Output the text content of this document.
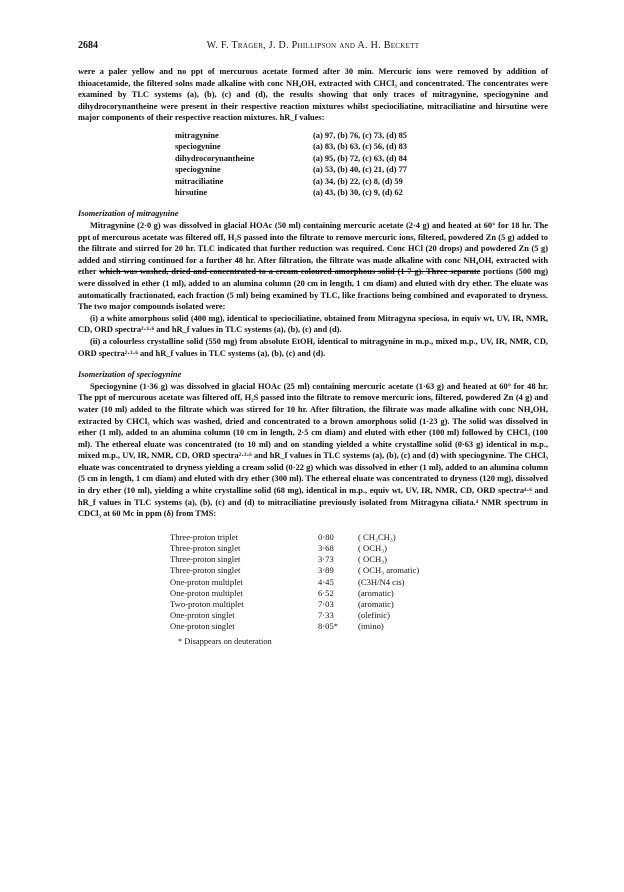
2684	W. F. Trager, J. D. Phillipson and A. H. Beckett

were a paler yellow and no ppt of mercurous acetate formed after 30 min. Mercuric ions were removed by addition of thioacetamide, the filtered solns made alkaline with conc NH₄OH, extracted with CHCl₃ and concentrated. The concentrates were examined by TLC systems (a), (b), (c) and (d), the results showing that only traces of mitragynine, speciogynine and dihydrocorynantheine were present in their respective reaction mixtures whilst speciociliatine, mitraciliatine and hirsutine were major components of their respective reaction mixtures. hR_f values:

mitragynine	(a) 97, (b) 76, (c) 73, (d) 85
speciogynine	(a) 83, (b) 63, (c) 56, (d) 83
dihydrocorynantheine	(a) 95, (b) 72, (c) 63, (d) 84
speciogynine	(a) 53, (b) 40, (c) 21, (d) 77
mitraciliatine	(a) 34, (b) 22, (c) 8, (d) 59
hirsutine	(a) 43, (b) 30, (c) 9, (d) 62
Isomerization of mitragynine

Mitragynine (2·0 g) was dissolved in glacial HOAc (50 ml) containing mercuric acetate (2·4 g) and heated at 60° for 18 hr. The ppt of mercurous acetate was filtered off, H₂S passed into the filtrate to remove mercuric ions, filtered, powdered Zn (5 g) added to the filtrate and stirred for 20 hr. TLC indicated that further reduction was required. Conc HCl (20 drops) and powdered Zn (5 g) added and stirring continued for a further 48 hr. After filtration, the filtrate was made alkaline with conc NH₄OH, extracted with ether which was washed, dried and concentrated to a cream coloured amorphous solid (1·7 g). Three separate portions (500 mg) were dissolved in ether (1 ml), added to an alumina column (20 cm in length, 1 cm diam) and eluted with dry ether. The eluate was automatically fractionated, each fraction (5 ml) being examined by TLC, like fractions being combined and evaporated to dryness. The two major compounds isolated were:

(i) a white amorphous solid (400 mg), identical to speciociliatine, obtained from Mitragyna speciosa, in equiv wt, UV, IR, NMR, CD, ORD spectra²·³·⁶ and hR_f values in TLC systems (a), (b), (c) and (d).

(ii) a colourless crystalline solid (550 mg) from absolute EtOH, identical to mitragynine in m.p., mixed m.p., UV, IR, NMR, CD, ORD spectra²·³·⁶ and hR_f values in TLC systems (a), (b), (c) and (d).

Isomerization of speciogynine

Speciogynine (1·36 g) was dissolved in glacial HOAc (25 ml) containing mercuric acetate (1·63 g) and heated at 60° for 48 hr. The ppt of mercurous acetate was filtered off, H₂S passed into the filtrate to remove mercuric ions, filtered, powdered Zn (4 g) and water (10 ml) added to the filtrate which was stirred for 10 hr. After filtration, the filtrate was made alkaline with conc NH₄OH, extracted by CHCl₃ which was washed, dried and concentrated to a brown amorphous solid (1·23 g). The solid was dissolved in ether (1 ml), added to an alumina column (10 cm in length, 2·5 cm diam) and eluted with ether (100 ml) followed by CHCl₃ (100 ml). The ethereal eluate was concentrated (to 10 ml) and on standing yielded a white crystalline solid (0·63 g) identical in m.p., mixed m.p., UV, IR, NMR, CD, ORD spectra²·³·⁶ and hR_f values in TLC systems (a), (b), (c) and (d) with speciogynine. The CHCl₃ eluate was concentrated to dryness yielding a cream solid (0·22 g) which was dissolved in ether (1 ml), added to an alumina column (5 cm in length, 1 cm diam) and eluted with dry ether (300 ml). The ethereal eluate was concentrated to dryness (120 mg), dissolved in dry ether (10 ml), yielding a white crystalline solid (68 mg), identical in m.p., equiv wt, UV, IR, NMR, CD, ORD spectra⁴·⁶ and hR_f values in TLC systems (a), (b), (c) and (d) to mitraciliatine previously isolated from Mitragyna ciliata.⁴ NMR spectrum in CDCl₃ at 60 Mc in ppm (δ) from TMS:

Three-proton triplet	0·80	( CH₂CH₃)
Three-proton singlet	3·68	( OCH₃)
Three-proton singlet	3·73	( OCH₃)
Three-proton singlet	3·89	( OCH₃ aromatic)
One-proton multiplet	4·45	(C3H/N4 cis)
One-proton multiplet	6·52	(aromatic)
Two-proton multiplet	7·03	(aromatic)
One-proton singlet	7·33	(olefinic)
One-proton singlet	8·05*	(imino)
* Disappears on deuteration
